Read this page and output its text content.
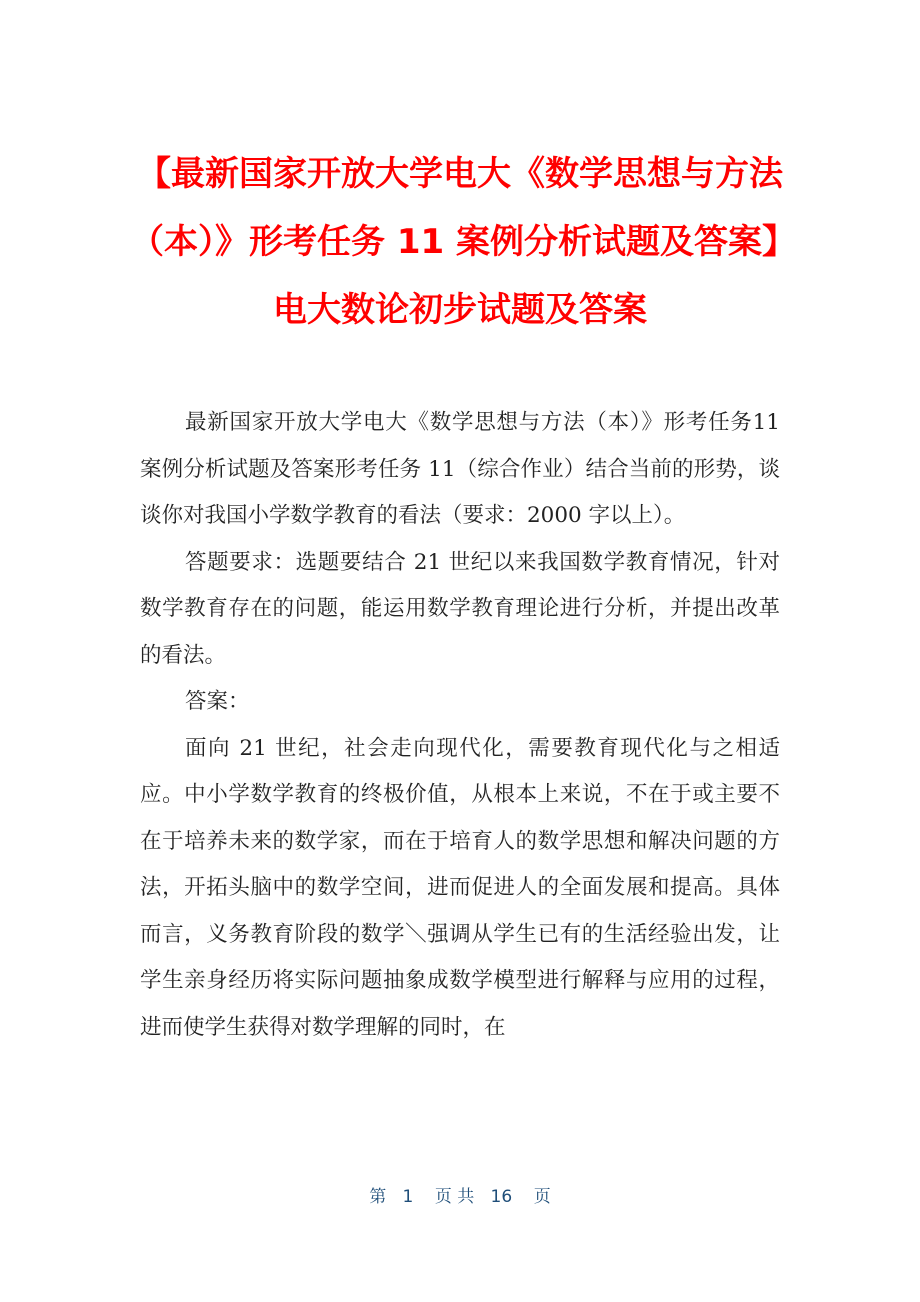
【最新国家开放大学电大《数学思想与方法
（本）》形考任务 11 案例分析试题及答案】
电大数论初步试题及答案

最新国家开放大学电大《数学思想与方法（本）》形考任务11 案例分析试题及答案形考任务 11（综合作业）结合当前的形势，谈谈你对我国小学数学教育的看法（要求：2000 字以上）。

答题要求：选题要结合 21 世纪以来我国数学教育情况，针对数学教育存在的问题，能运用数学教育理论进行分析，并提出改革的看法。

答案：

面向 21 世纪，社会走向现代化，需要教育现代化与之相适应。中小学数学教育的终极价值，从根本上来说，不在于或主要不在于培养未来的数学家，而在于培育人的数学思想和解决问题的方法，开拓头脑中的数学空间，进而促进人的全面发展和提高。具体而言，义务教育阶段的数学＼强调从学生已有的生活经验出发，让学生亲身经历将实际问题抽象成数学模型进行解释与应用的过程，进而使学生获得对数学理解的同时，在

第 1 页 共 16 页
